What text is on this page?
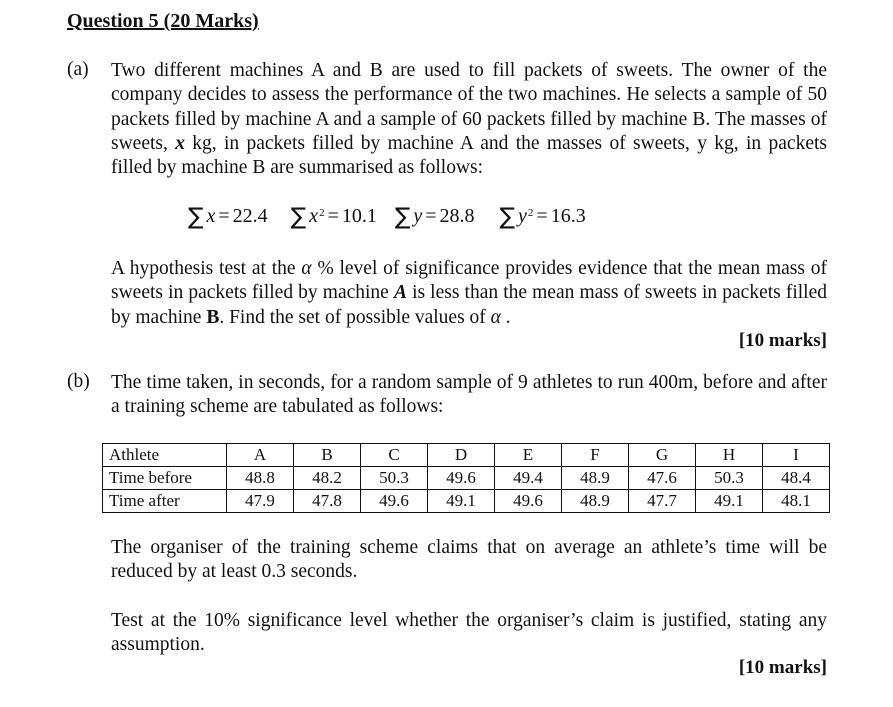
Question 5 (20 Marks)
(a) Two different machines A and B are used to fill packets of sweets. The owner of the company decides to assess the performance of the two machines. He selects a sample of 50 packets filled by machine A and a sample of 60 packets filled by machine B. The masses of sweets, x kg, in packets filled by machine A and the masses of sweets, y kg, in packets filled by machine B are summarised as follows:
∑ x = 22.4 ∑ $x^2 = 10.1$ ∑ y = 28.8 ∑ $y^2 = 16.3$
A hypothesis test at the α % level of significance provides evidence that the mean mass of sweets in packets filled by machine A is less than the mean mass of sweets in packets filled by machine B. Find the set of possible values of α .
[10 marks]
(b) The time taken, in seconds, for a random sample of 9 athletes to run 400m, before and after a training scheme are tabulated as follows:
Athlete	A	B	C	D	E	F	G	H	I
Time before	48.8	48.2	50.3	49.6	49.4	48.9	47.6	50.3	48.4
Time after	47.9	47.8	49.6	49.1	49.6	48.9	47.7	49.1	48.1
The organiser of the training scheme claims that on average an athlete’s time will be reduced by at least 0.3 seconds.
Test at the 10% significance level whether the organiser’s claim is justified, stating any assumption.
[10 marks]
